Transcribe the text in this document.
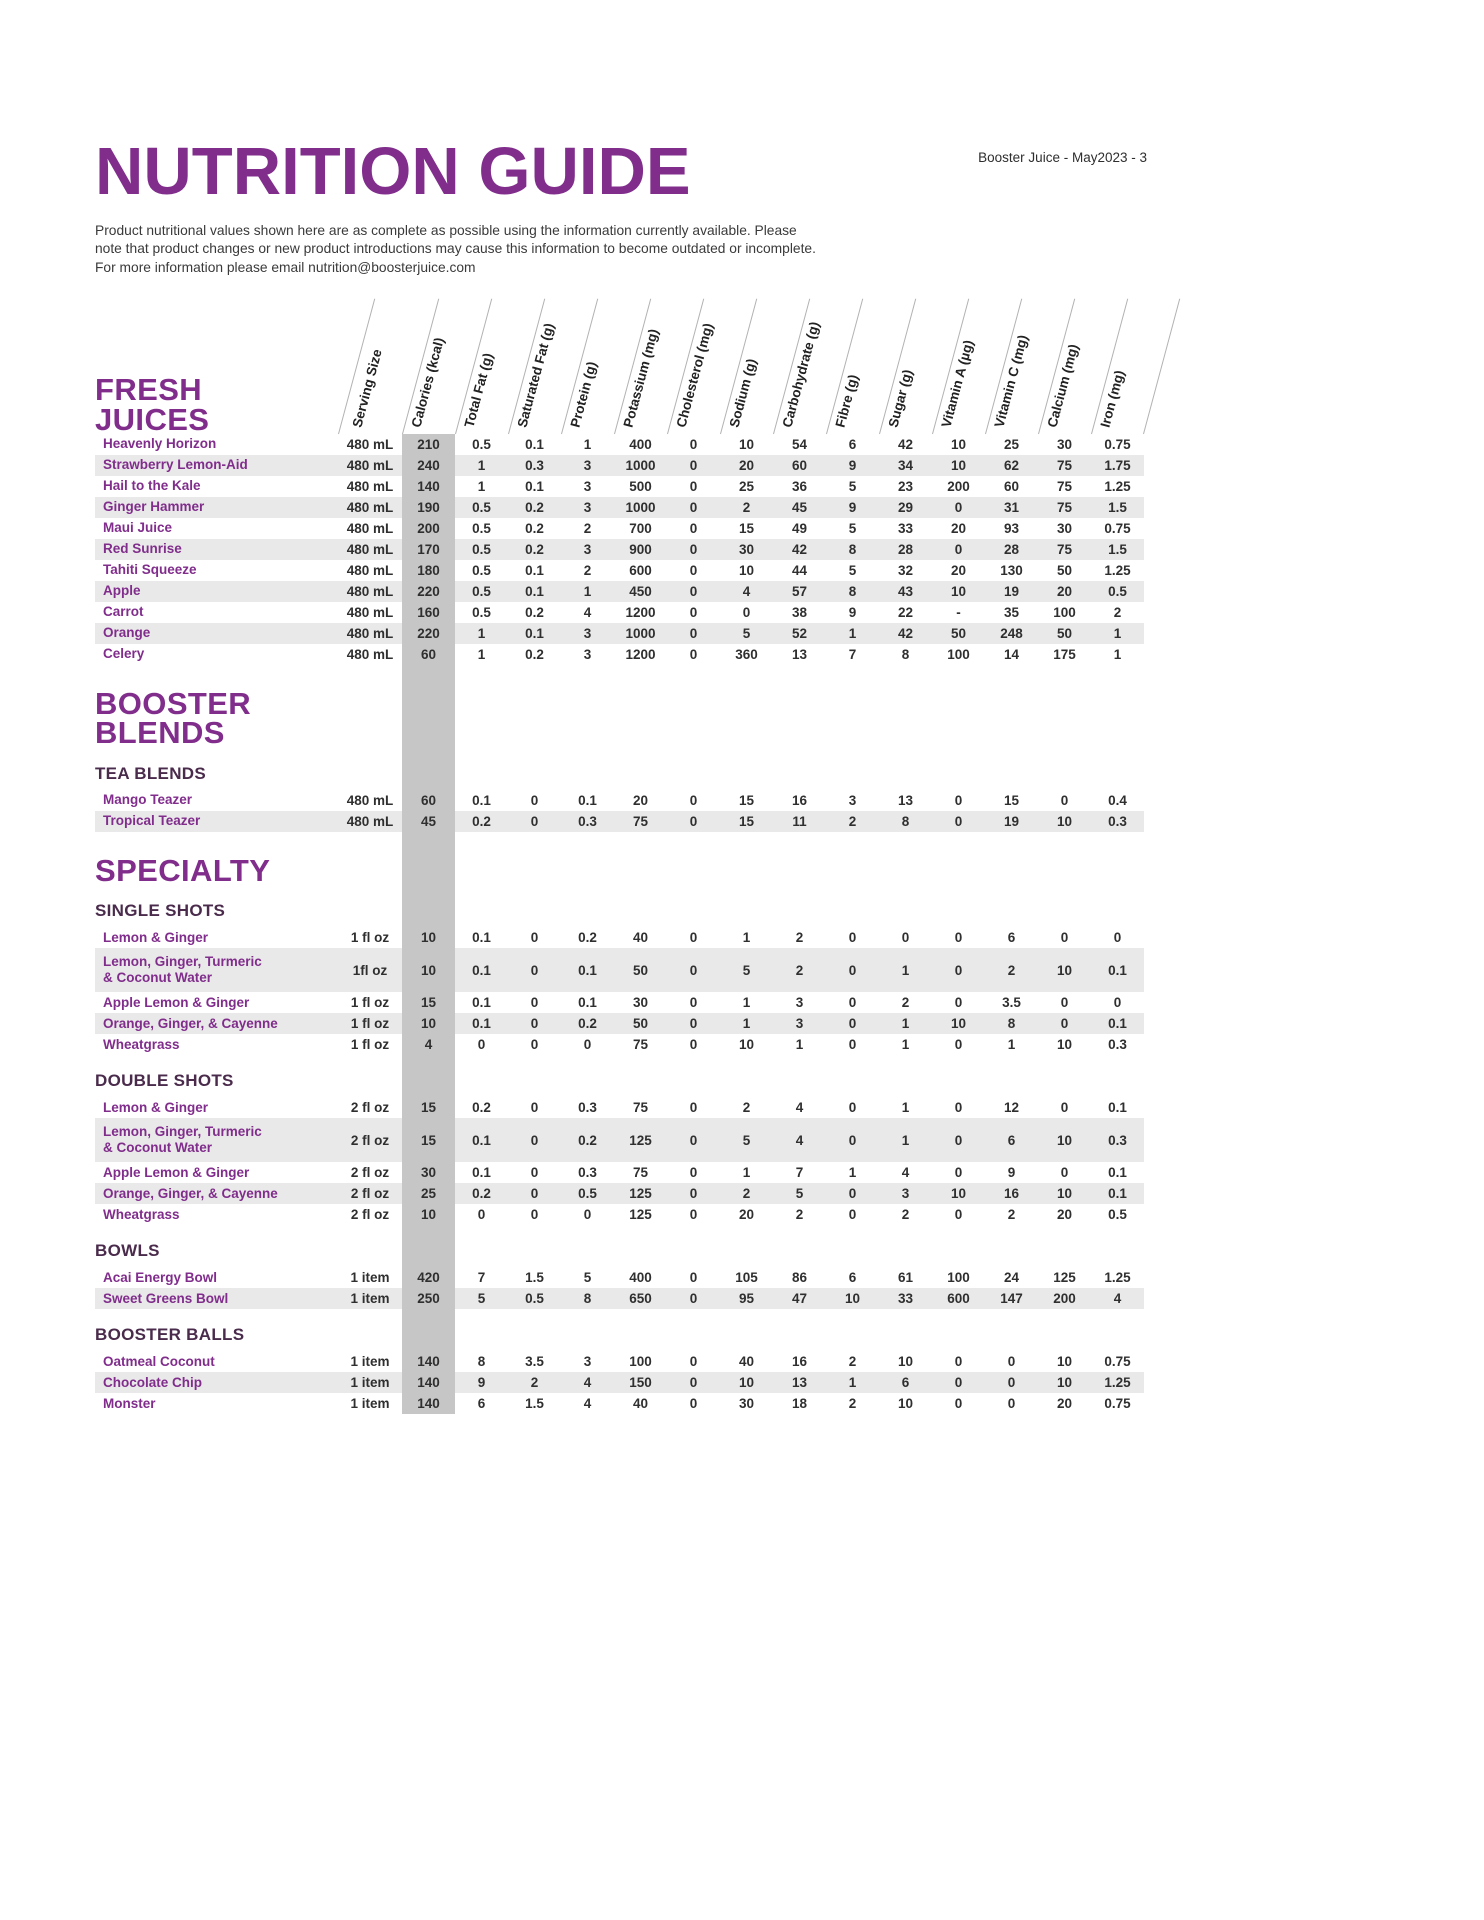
Booster Juice - May2023 - 3
NUTRITION GUIDE

Product nutritional values shown here are as complete as possible using the information currently available. Please note that product changes or new product introductions may cause this information to become outdated or incomplete.

For more information please email nutrition@boosterjuice.com

FRESH
JUICES	Serving Size Calories (kcal) Total Fat (g) Saturated Fat (g) Protein (g) Potassium (mg) Cholesterol (mg) Sodium (g) Carbohydrate (g) Fibre (g) Sugar (g) Vitamin A (µg) Vitamin C (mg) Calcium (mg) Iron (mg)
Heavenly Horizon	480 mL	210	0.5	0.1	1	400	0	10	54	6	42	10	25	30	0.75
Strawberry Lemon-Aid	480 mL	240	1	0.3	3	1000	0	20	60	9	34	10	62	75	1.75
Hail to the Kale	480 mL	140	1	0.1	3	500	0	25	36	5	23	200	60	75	1.25
Ginger Hammer	480 mL	190	0.5	0.2	3	1000	0	2	45	9	29	0	31	75	1.5
Maui Juice	480 mL	200	0.5	0.2	2	700	0	15	49	5	33	20	93	30	0.75
Red Sunrise	480 mL	170	0.5	0.2	3	900	0	30	42	8	28	0	28	75	1.5
Tahiti Squeeze	480 mL	180	0.5	0.1	2	600	0	10	44	5	32	20	130	50	1.25
Apple	480 mL	220	0.5	0.1	1	450	0	4	57	8	43	10	19	20	0.5
Carrot	480 mL	160	0.5	0.2	4	1200	0	0	38	9	22	-	35	100	2
Orange	480 mL	220	1	0.1	3	1000	0	5	52	1	42	50	248	50	1
Celery	480 mL	60	1	0.2	3	1200	0	360	13	7	8	100	14	175	1
BOOSTER
BLENDS
TEA BLENDS
Mango Teazer	480 mL	60	0.1	0	0.1	20	0	15	16	3	13	0	15	0	0.4
Tropical Teazer	480 mL	45	0.2	0	0.3	75	0	15	11	2	8	0	19	10	0.3
SPECIALTY
SINGLE SHOTS
Lemon & Ginger	1 fl oz	10	0.1	0	0.2	40	0	1	2	0	0	0	6	0	0
Lemon, Ginger, Turmeric
& Coconut Water	1fl oz	10	0.1	0	0.1	50	0	5	2	0	1	0	2	10	0.1
Apple Lemon & Ginger	1 fl oz	15	0.1	0	0.1	30	0	1	3	0	2	0	3.5	0	0
Orange, Ginger, & Cayenne	1 fl oz	10	0.1	0	0.2	50	0	1	3	0	1	10	8	0	0.1
Wheatgrass	1 fl oz	4	0	0	0	75	0	10	1	0	1	0	1	10	0.3
DOUBLE SHOTS
Lemon & Ginger	2 fl oz	15	0.2	0	0.3	75	0	2	4	0	1	0	12	0	0.1
Lemon, Ginger, Turmeric
& Coconut Water	2 fl oz	15	0.1	0	0.2	125	0	5	4	0	1	0	6	10	0.3
Apple Lemon & Ginger	2 fl oz	30	0.1	0	0.3	75	0	1	7	1	4	0	9	0	0.1
Orange, Ginger, & Cayenne	2 fl oz	25	0.2	0	0.5	125	0	2	5	0	3	10	16	10	0.1
Wheatgrass	2 fl oz	10	0	0	0	125	0	20	2	0	2	0	2	20	0.5
BOWLS
Acai Energy Bowl	1 item	420	7	1.5	5	400	0	105	86	6	61	100	24	125	1.25
Sweet Greens Bowl	1 item	250	5	0.5	8	650	0	95	47	10	33	600	147	200	4
BOOSTER BALLS
Oatmeal Coconut	1 item	140	8	3.5	3	100	0	40	16	2	10	0	0	10	0.75
Chocolate Chip	1 item	140	9	2	4	150	0	10	13	1	6	0	0	10	1.25
Monster	1 item	140	6	1.5	4	40	0	30	18	2	10	0	0	20	0.75
